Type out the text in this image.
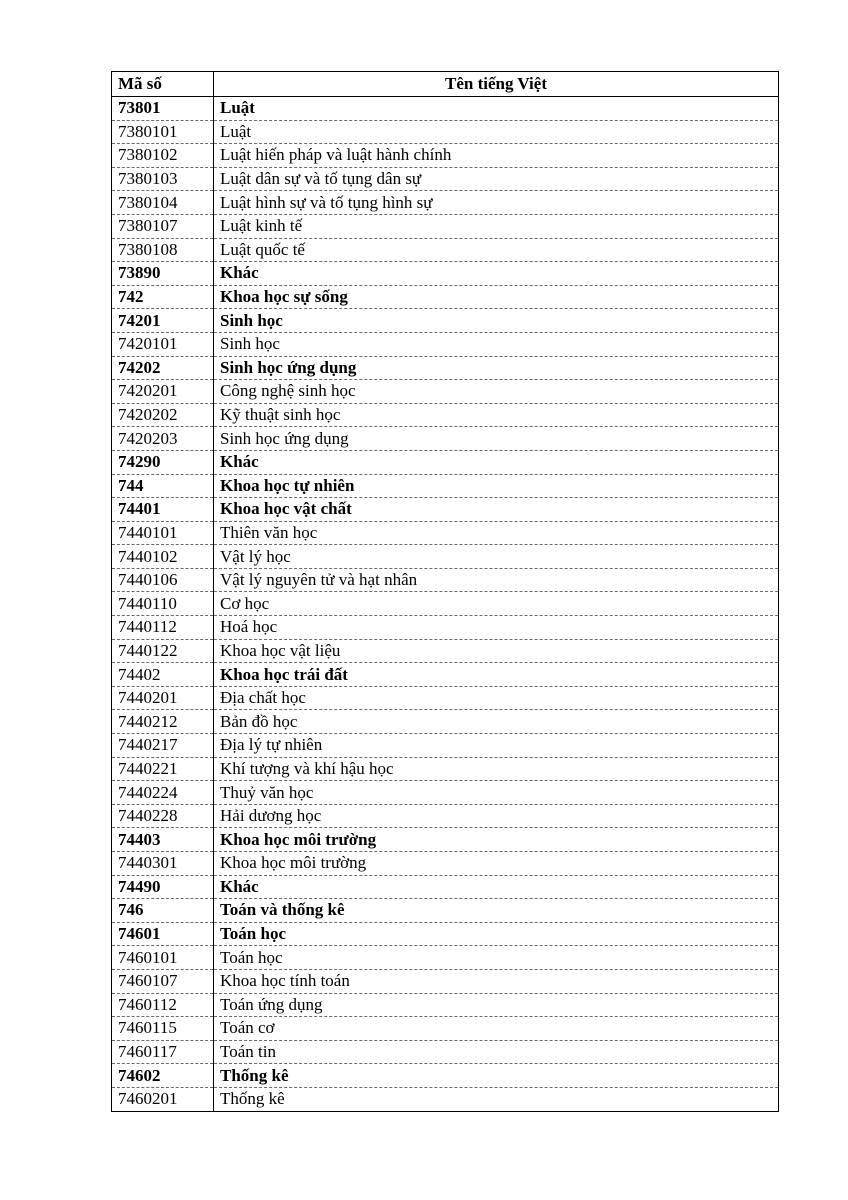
Mã số	Tên tiếng Việt
73801	Luật
7380101	Luật
7380102	Luật hiến pháp và luật hành chính
7380103	Luật dân sự và tố tụng dân sự
7380104	Luật hình sự và tố tụng hình sự
7380107	Luật kinh tế
7380108	Luật quốc tế
73890	Khác
742	Khoa học sự sống
74201	Sinh học
7420101	Sinh học
74202	Sinh học ứng dụng
7420201	Công nghệ sinh học
7420202	Kỹ thuật sinh học
7420203	Sinh học ứng dụng
74290	Khác
744	Khoa học tự nhiên
74401	Khoa học vật chất
7440101	Thiên văn học
7440102	Vật lý học
7440106	Vật lý nguyên tử và hạt nhân
7440110	Cơ học
7440112	Hoá học
7440122	Khoa học vật liệu
74402	Khoa học trái đất
7440201	Địa chất học
7440212	Bản đồ học
7440217	Địa lý tự nhiên
7440221	Khí tượng và khí hậu học
7440224	Thuỷ văn học
7440228	Hải dương học
74403	Khoa học môi trường
7440301	Khoa học môi trường
74490	Khác
746	Toán và thống kê
74601	Toán học
7460101	Toán học
7460107	Khoa học tính toán
7460112	Toán ứng dụng
7460115	Toán cơ
7460117	Toán tin
74602	Thống kê
7460201	Thống kê
